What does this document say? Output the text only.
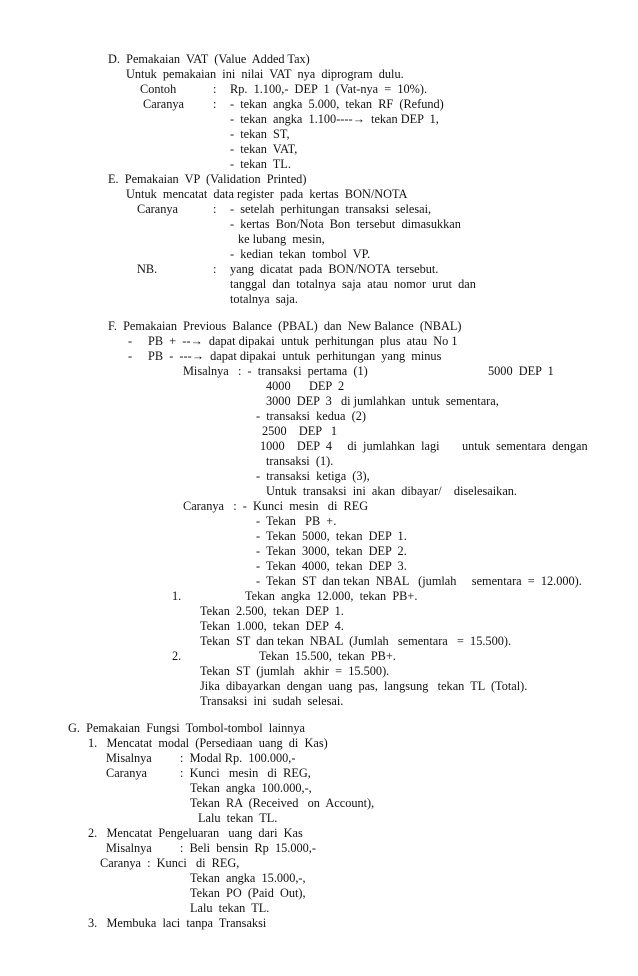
D.  Pemakaian  VAT  (Value  Added Tax)
Untuk  pemakaian  ini  nilai  VAT  nya  diprogram  dulu.
Contoh	: Rp.  1.100,-  DEP  1  (Vat-nya  =  10%).
Caranya : -  tekan  angka  5.000,  tekan  RF  (Refund)
-  tekan  angka  1.100----→  tekan DEP  1,
-  tekan  ST,
-  tekan  VAT,
-  tekan  TL.
E.  Pemakaian  VP  (Validation  Printed)
Untuk  mencatat  data register  pada  kertas  BON/NOTA
Caranya	: -  setelah  perhitungan  transaksi  selesai,
-  kertas  Bon/Nota  Bon  tersebut  dimasukkan
ke lubang  mesin,
-  kedian  tekan  tombol  VP.
NB.	: yang  dicatat  pada  BON/NOTA  tersebut.
tanggal  dan  totalnya  saja  atau  nomor  urut  dan
totalnya  saja.
F.  Pemakaian  Previous  Balance  (PBAL)  dan  New Balance  (NBAL)
- PB  +  --→  dapat dipakai  untuk  perhitungan  plus  atau  No 1
- PB  -  ---→  dapat dipakai  untuk  perhitungan  yang  minus
Misalnya   :  -  transaksi  pertama  (1)	5000  DEP  1
4000      DEP  2
3000  DEP  3   di jumlahkan  untuk  sementara,
-  transaksi  kedua  (2)
2500    DEP   1
1000    DEP  4     di  jumlahkan  lagi untuk  sementara  dengan
transaksi  (1).
-  transaksi  ketiga  (3),
Untuk  transaksi  ini  akan  dibayar/    diselesaikan.
Caranya   :  -  Kunci  mesin   di  REG
-  Tekan   PB  +.
-  Tekan  5000,  tekan  DEP  1.
-  Tekan  3000,  tekan  DEP  2.
-  Tekan  4000,  tekan  DEP  3.
-  Tekan  ST  dan tekan  NBAL   (jumlah     sementara  =  12.000).
1.	Tekan  angka  12.000,  tekan  PB+.
Tekan  2.500,  tekan  DEP  1.
Tekan  1.000,  tekan  DEP  4.
Tekan  ST  dan tekan  NBAL  (Jumlah   sementara   =  15.500).
2.	Tekan  15.500,  tekan  PB+.
Tekan  ST  (jumlah   akhir  =  15.500).
Jika  dibayarkan  dengan  uang  pas,  langsung   tekan  TL  (Total).
Transaksi  ini  sudah  selesai.
G.  Pemakaian  Fungsi  Tombol-tombol  lainnya
1.   Mencatat  modal  (Persediaan  uang  di  Kas)
Misalnya :  Modal Rp.  100.000,-
Caranya	:  Kunci   mesin   di  REG,
Tekan  angka  100.000,-,
Tekan  RA  (Received   on  Account),
Lalu  tekan  TL.
2.   Mencatat  Pengeluaran   uang  dari  Kas
Misalnya :  Beli  bensin  Rp  15.000,-
Caranya  :  Kunci   di  REG,
Tekan  angka  15.000,-,
Tekan  PO  (Paid  Out),
Lalu  tekan  TL.
3.   Membuka  laci  tanpa  Transaksi
